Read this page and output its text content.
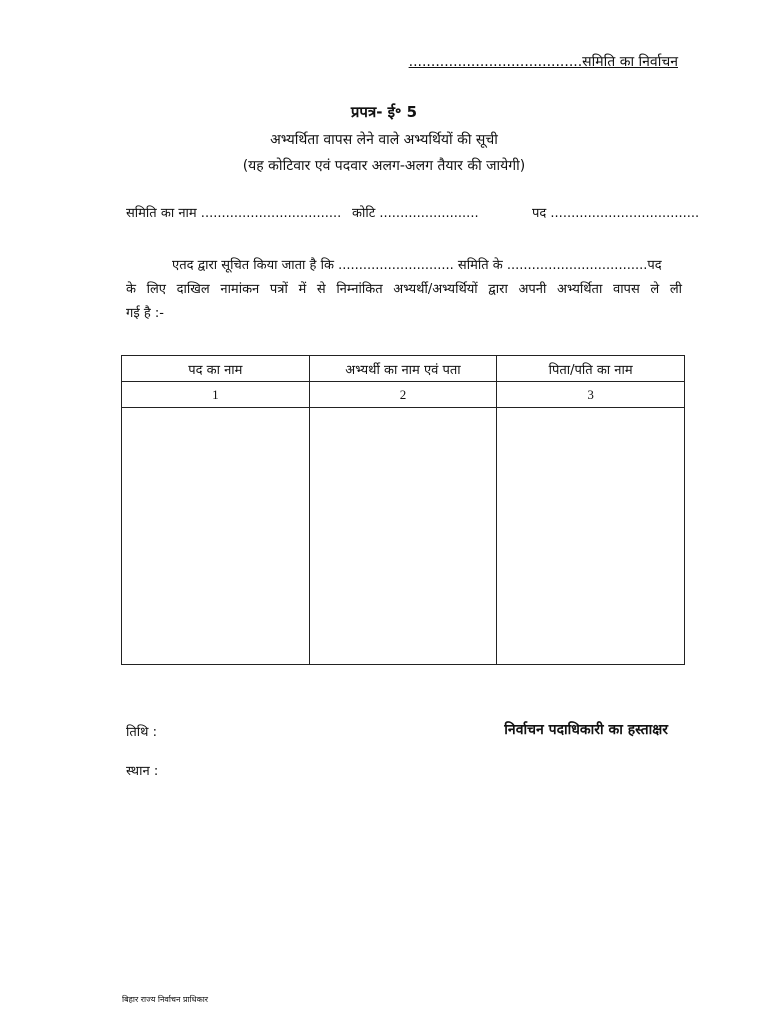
.......................................समिति का निर्वाचन
प्रपत्र- ई॰ 5
अभ्यर्थिता वापस लेने वाले अभ्यर्थियों की सूची
(यह कोटिवार एवं पदवार अलग-अलग तैयार की जायेगी)
समिति का नाम .................................. कोटि ........................	पद ....................................
एतद द्वारा सूचित किया जाता है कि ............................ समिति के ..................................पद
के लिए दाखिल नामांकन पत्रों में से निम्नांकित अभ्यर्थी/अभ्यर्थियों द्वारा अपनी अभ्यर्थिता वापस ले ली
गई है :-
पद का नाम	अभ्यर्थी का नाम एवं पता	पिता/पति का नाम
1	2	3

तिथि :
स्थान :
निर्वाचन पदाधिकारी का हस्ताक्षर
बिहार राज्य निर्वाचन प्राधिकार
